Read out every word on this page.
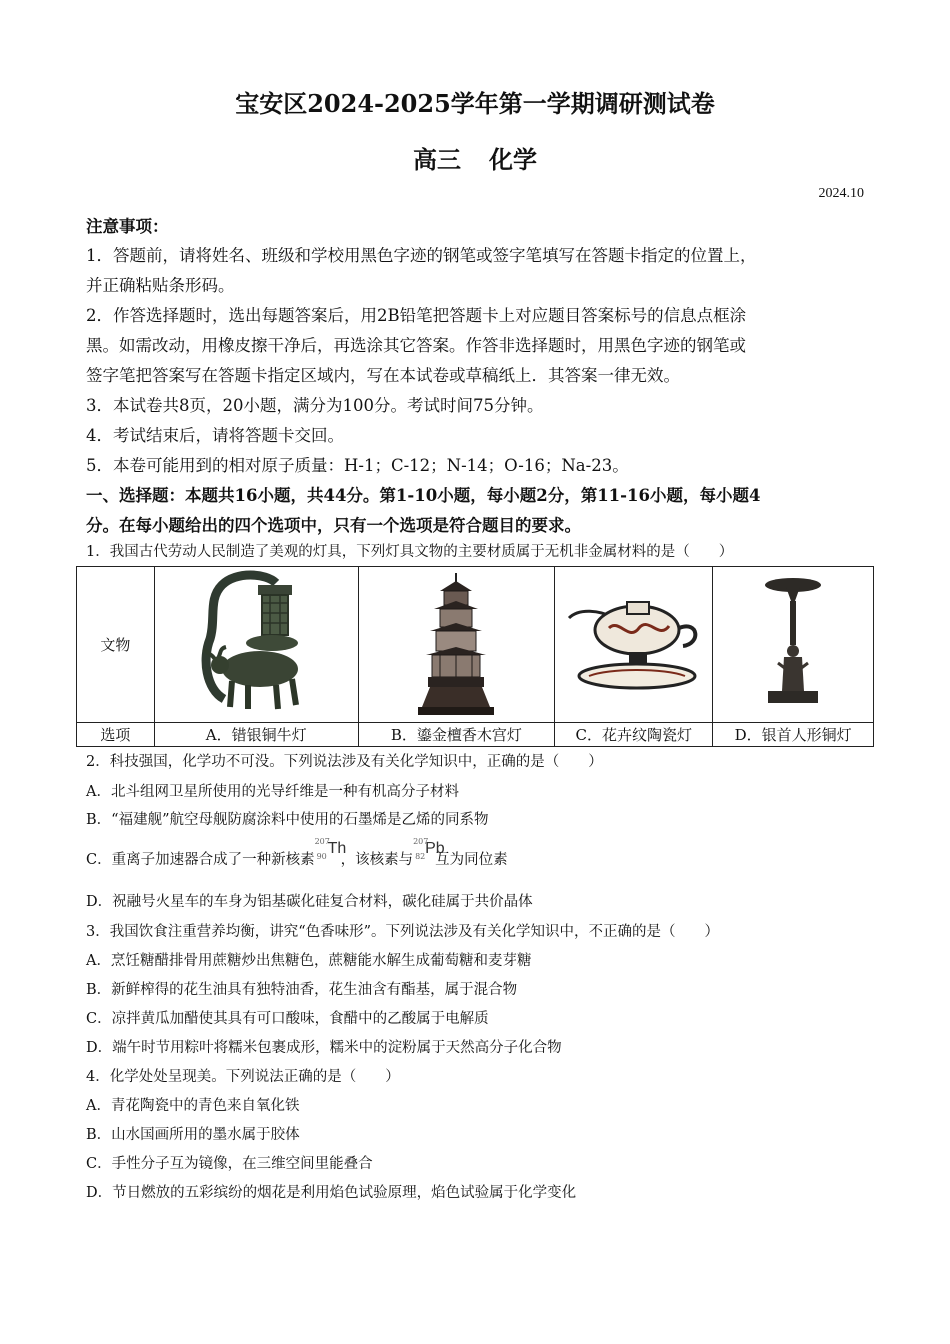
宝安区2024-2025学年第一学期调研测试卷
高三 化学
2024.10
注意事项：
1．答题前，请将姓名、班级和学校用黑色字迹的钢笔或签字笔填写在答题卡指定的位置上，
并正确粘贴条形码。
2．作答选择题时，选出每题答案后，用2B铅笔把答题卡上对应题目答案标号的信息点框涂
黑。如需改动，用橡皮擦干净后，再选涂其它答案。作答非选择题时，用黑色字迹的钢笔或
签字笔把答案写在答题卡指定区域内，写在本试卷或草稿纸上．其答案一律无效。
3．本试卷共8页，20小题，满分为100分。考试时间75分钟。
4．考试结束后，请将答题卡交回。
5．本卷可能用到的相对原子质量：H-1；C-12；N-14；O-16；Na-23。
一、选择题：本题共16小题，共44分。第1-10小题，每小题2分，第11-16小题，每小题4
分。在每小题给出的四个选项中，只有一个选项是符合题目的要求。
1．我国古代劳动人民制造了美观的灯具，下列灯具文物的主要材质属于无机非金属材料的是（　　）
文物				
选项	A．错银铜牛灯	B．鎏金檀香木宫灯	C．花卉纹陶瓷灯	D．银首人形铜灯
2．科技强国，化学功不可没。下列说法涉及有关化学知识中，正确的是（　　）
A．北斗组网卫星所使用的光导纤维是一种有机高分子材料
B．“福建舰”航空母舰防腐涂料中使用的石墨烯是乙烯的同系物
C．重离子加速器合成了一种新核素
207
90 Th
，该核素与
207
82 Pb
互为同位素
D．祝融号火星车的车身为铝基碳化硅复合材料，碳化硅属于共价晶体
3．我国饮食注重营养均衡，讲究“色香味形”。下列说法涉及有关化学知识中，不正确的是（　　）
A．烹饪糖醋排骨用蔗糖炒出焦糖色，蔗糖能水解生成葡萄糖和麦芽糖
B．新鲜榨得的花生油具有独特油香，花生油含有酯基，属于混合物
C．凉拌黄瓜加醋使其具有可口酸味，食醋中的乙酸属于电解质
D．端午时节用粽叶将糯米包裹成形，糯米中的淀粉属于天然高分子化合物
4．化学处处呈现美。下列说法正确的是（　　）
A．青花陶瓷中的青色来自氧化铁
B．山水国画所用的墨水属于胶体
C．手性分子互为镜像，在三维空间里能叠合
D．节日燃放的五彩缤纷的烟花是利用焰色试验原理，焰色试验属于化学变化
